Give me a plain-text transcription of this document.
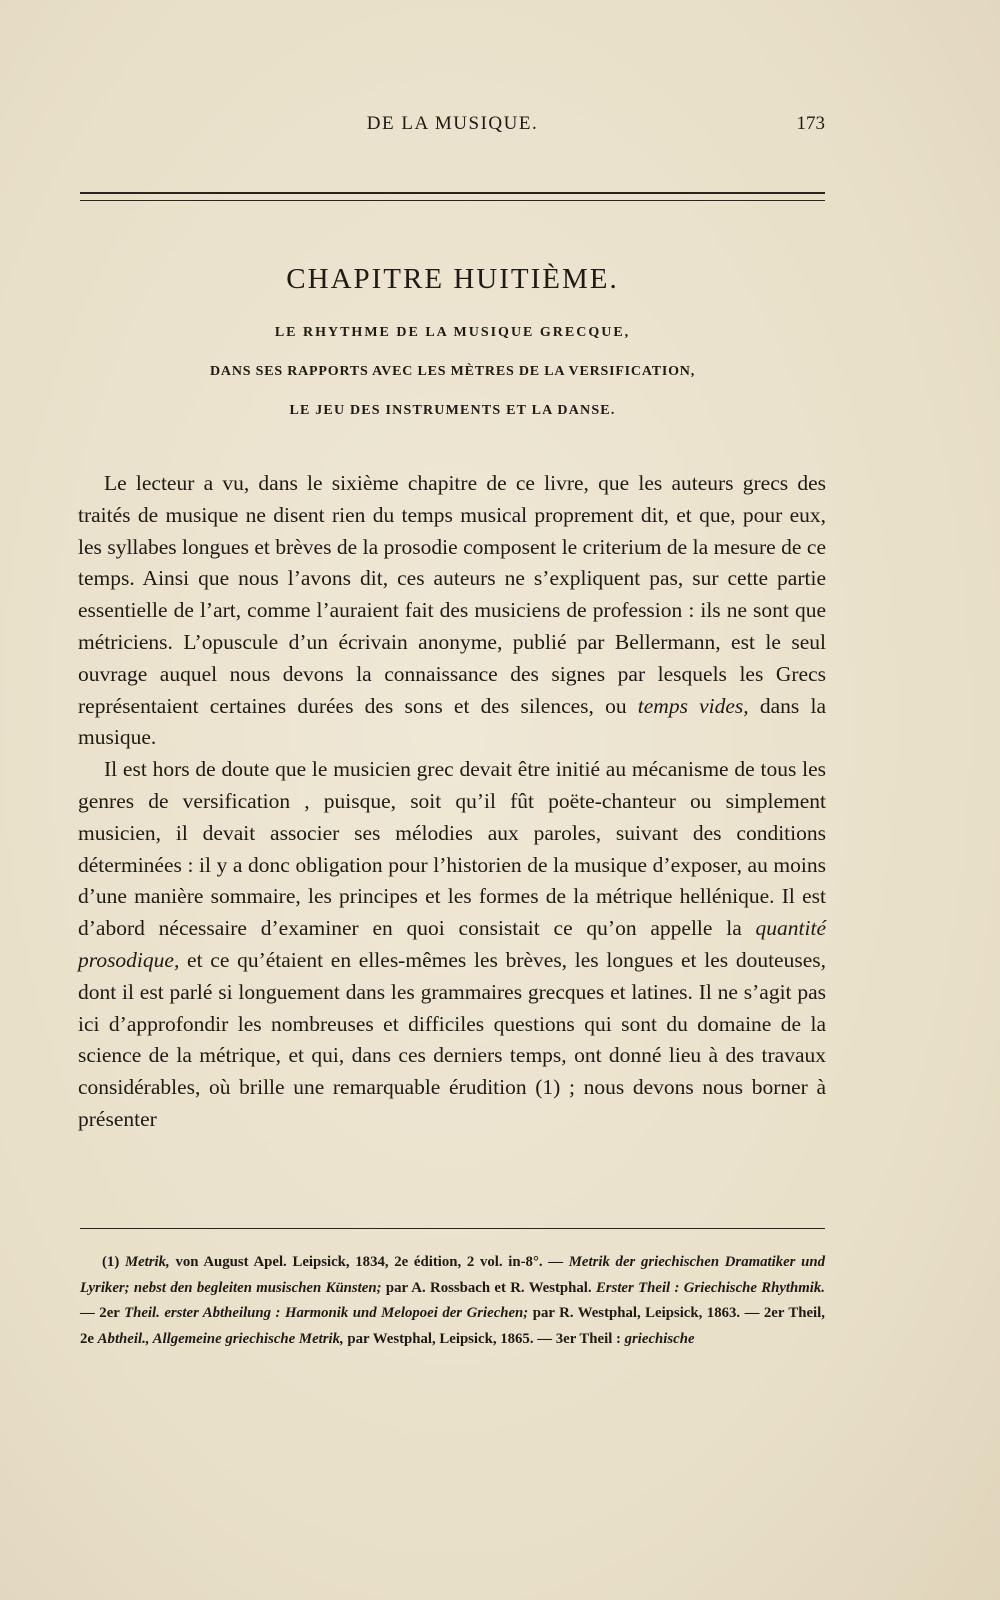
DE LA MUSIQUE.	173
CHAPITRE HUITIÈME.
LE RHYTHME DE LA MUSIQUE GRECQUE,
DANS SES RAPPORTS AVEC LES MÈTRES DE LA VERSIFICATION,
LE JEU DES INSTRUMENTS ET LA DANSE.

Le lecteur a vu, dans le sixième chapitre de ce livre, que les auteurs grecs des traités de musique ne disent rien du temps musical proprement dit, et que, pour eux, les syllabes longues et brèves de la prosodie composent le criterium de la mesure de ce temps. Ainsi que nous l’avons dit, ces auteurs ne s’expliquent pas, sur cette partie essentielle de l’art, comme l’auraient fait des musiciens de profession : ils ne sont que métriciens. L’opuscule d’un écrivain anonyme, publié par Bellermann, est le seul ouvrage auquel nous devons la connaissance des signes par lesquels les Grecs représentaient certaines durées des sons et des silences, ou temps vides, dans la musique.

Il est hors de doute que le musicien grec devait être initié au mécanisme de tous les genres de versification , puisque, soit qu’il fût poëte-chanteur ou simplement musicien, il devait associer ses mélodies aux paroles, suivant des conditions déterminées : il y a donc obligation pour l’historien de la musique d’exposer, au moins d’une manière sommaire, les principes et les formes de la métrique hellénique. Il est d’abord nécessaire d’examiner en quoi consistait ce qu’on appelle la quantité prosodique, et ce qu’étaient en elles-mêmes les brèves, les longues et les douteuses, dont il est parlé si longuement dans les grammaires grecques et latines. Il ne s’agit pas ici d’approfondir les nombreuses et difficiles questions qui sont du domaine de la science de la métrique, et qui, dans ces derniers temps, ont donné lieu à des travaux considérables, où brille une remarquable érudition (1) ; nous devons nous borner à présenter

(1) Metrik, von August Apel. Leipsick, 1834, 2e édition, 2 vol. in-8°. — Metrik der griechischen Dramatiker und Lyriker; nebst den begleiten musischen Künsten; par A. Rossbach et R. Westphal. Erster Theil : Griechische Rhythmik. — 2er Theil. erster Abtheilung : Harmonik und Melopoei der Griechen; par R. Westphal, Leipsick, 1863. — 2er Theil, 2e Abtheil., Allgemeine griechische Metrik, par Westphal, Leipsick, 1865. — 3er Theil : griechische
